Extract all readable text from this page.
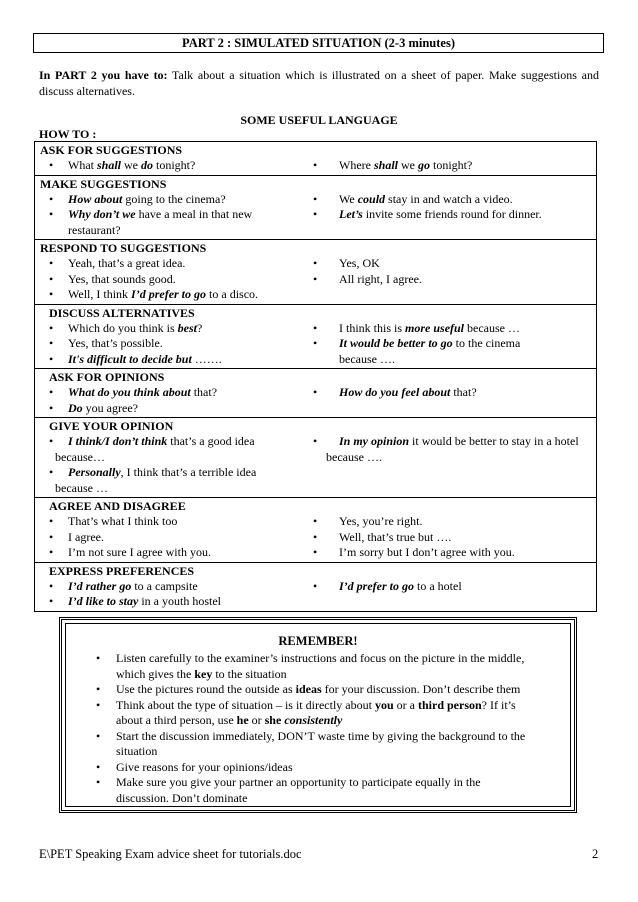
PART 2 : SIMULATED SITUATION (2-3 minutes)
In PART 2 you have to: Talk about a situation which is illustrated on a sheet of paper. Make suggestions and discuss alternatives.
SOME USEFUL LANGUAGE
HOW TO :
ASK FOR SUGGESTIONS
• What shall we do tonight?	• Where shall we go tonight?
MAKE SUGGESTIONS
• How about going to the cinema?
• Why don’t we have a meal in that new restaurant?
• We could stay in and watch a video.
• Let’s invite some friends round for dinner.
RESPOND TO SUGGESTIONS
• Yeah, that’s a great idea.
• Yes, that sounds good.
• Well, I think I’d prefer to go to a disco.
• Yes, OK
• All right, I agree.
DISCUSS ALTERNATIVES
• Which do you think is best?
• Yes, that’s possible.
• It's difficult to decide but …….
• I think this is more useful because …
• It would be better to go to the cinema because ….
ASK FOR OPINIONS
• What do you think about that?
• Do you agree?
• How do you feel about that?
GIVE YOUR OPINION
• I think/I don’t think that’s a good idea because…
• Personally, I think that’s a terrible idea because …
• In my opinion it would be better to stay in a hotel because ….
AGREE AND DISAGREE
• That’s what I think too
• I agree.
• I’m not sure I agree with you.
• Yes, you’re right.
• Well, that’s true but ….
• I’m sorry but I don’t agree with you.
EXPRESS PREFERENCES
• I’d rather go to a campsite
• I’d like to stay in a youth hostel
• I’d prefer to go to a hotel
REMEMBER!
• Listen carefully to the examiner’s instructions and focus on the picture in the middle, which gives the key to the situation
• Use the pictures round the outside as ideas for your discussion. Don’t describe them
• Think about the type of situation – is it directly about you or a third person? If it’s about a third person, use he or she consistently
• Start the discussion immediately, DON’T waste time by giving the background to the situation
• Give reasons for your opinions/ideas
• Make sure you give your partner an opportunity to participate equally in the discussion. Don’t dominate
E\PET Speaking Exam advice sheet for tutorials.doc	2
